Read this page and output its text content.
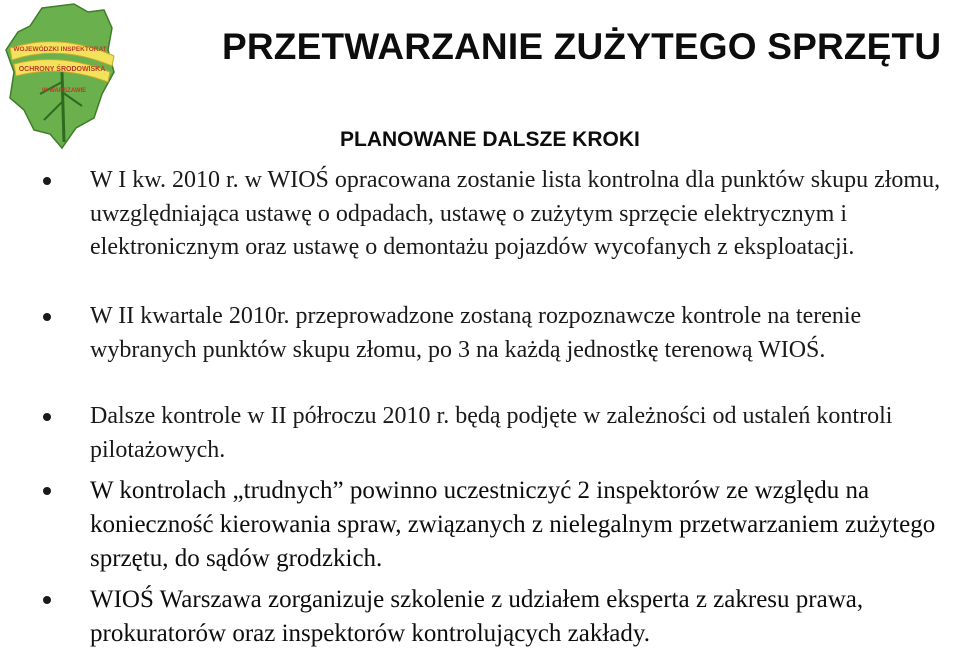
WOJEWÓDZKI INSPEKTORAT
OCHRONY ŚRODOWISKA
W WARSZAWIE
PRZETWARZANIE ZUŻYTEGO SPRZĘTU
PLANOWANE DALSZE KROKI
W I kw. 2010 r. w WIOŚ opracowana zostanie lista kontrolna dla punktów skupu złomu, uwzględniająca ustawę o odpadach, ustawę o zużytym sprzęcie elektrycznym i elektronicznym oraz ustawę o demontażu pojazdów wycofanych z eksploatacji.
W II kwartale 2010r. przeprowadzone zostaną rozpoznawcze kontrole na terenie wybranych punktów skupu złomu, po 3 na każdą jednostkę terenową WIOŚ.
Dalsze kontrole w II półroczu 2010 r. będą podjęte w zależności od ustaleń kontroli pilotażowych.
W kontrolach „trudnych” powinno uczestniczyć 2 inspektorów ze względu na konieczność kierowania spraw, związanych z nielegalnym przetwarzaniem zużytego sprzętu, do sądów grodzkich.
WIOŚ Warszawa zorganizuje szkolenie z udziałem eksperta z zakresu prawa, prokuratorów oraz inspektorów kontrolujących zakłady.
